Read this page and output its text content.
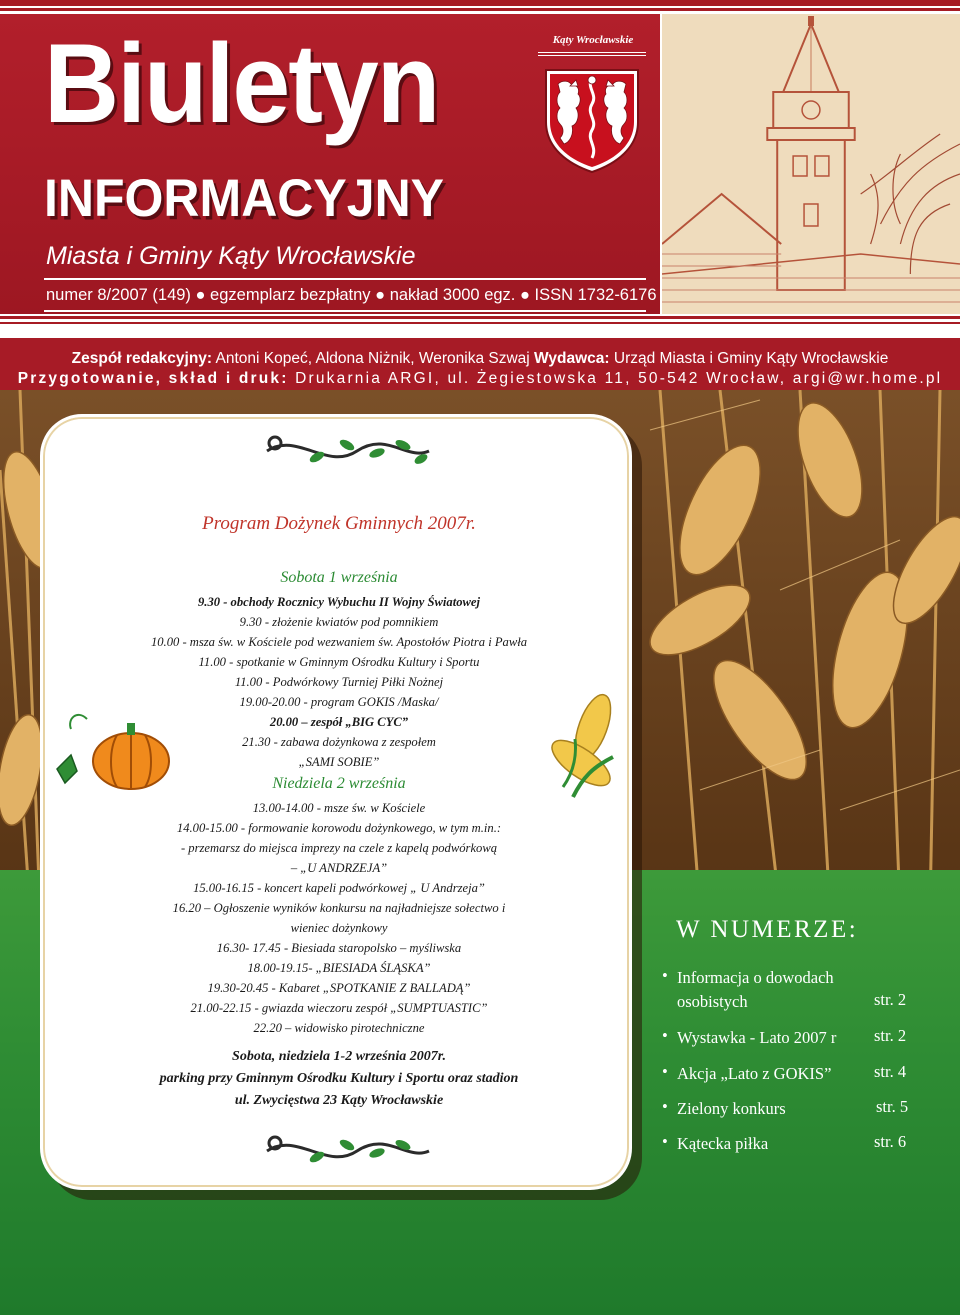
Biuletyn
INFORMACYJNY
Miasta i Gminy Kąty Wrocławskie
numer 8/2007 (149) ● egzemplarz bezpłatny ● nakład 3000 egz. ● ISSN 1732-6176
Kąty Wrocławskie
Zespół redakcyjny: Antoni Kopeć, Aldona Niżnik, Weronika Szwaj Wydawca: Urząd Miasta i Gminy Kąty Wrocławskie
Przygotowanie, skład i druk: Drukarnia ARGI, ul. Żegiestowska 11, 50-542 Wrocław, argi@wr.home.pl
Program Dożynek Gminnych 2007r.
Sobota 1 września
9.30 - obchody Rocznicy Wybuchu II Wojny Światowej
9.30 - złożenie kwiatów pod pomnikiem
10.00 - msza św. w Kościele pod wezwaniem św. Apostołów Piotra i Pawła
11.00 - spotkanie w Gminnym Ośrodku Kultury i Sportu
11.00 - Podwórkowy Turniej Piłki Nożnej
19.00-20.00 - program GOKIS /Maska/
20.00 – zespół „BIG CYC”
21.30 - zabawa dożynkowa z zespołem
„SAMI SOBIE”
Niedziela 2 września
13.00-14.00 - msze św. w Kościele
14.00-15.00 - formowanie korowodu dożynkowego, w tym m.in.:
- przemarsz do miejsca imprezy na czele z kapelą podwórkową
– „U ANDRZEJA”
15.00-16.15 - koncert kapeli podwórkowej „ U Andrzeja”
16.20 – Ogłoszenie wyników konkursu na najładniejsze sołectwo i
wieniec dożynkowy
16.30- 17.45 - Biesiada staropolsko – myśliwska
18.00-19.15- „BIESIADA ŚLĄSKA”
19.30-20.45 - Kabaret „SPOTKANIE Z BALLADĄ”
21.00-22.15 - gwiazda wieczoru zespół „SUMPTUASTIC”
22.20 – widowisko pirotechniczne
Sobota, niedziela 1-2 września 2007r.
parking przy Gminnym Ośrodku Kultury i Sportu oraz stadion
ul. Zwycięstwa 23 Kąty Wrocławskie
W NUMERZE:
• Informacja o dowodach osobistych	str. 2
• Wystawka - Lato 2007 r	str. 2
• Akcja „Lato z GOKIS”	str. 4
• Zielony konkurs	str. 5
• Kątecka piłka	str. 6
